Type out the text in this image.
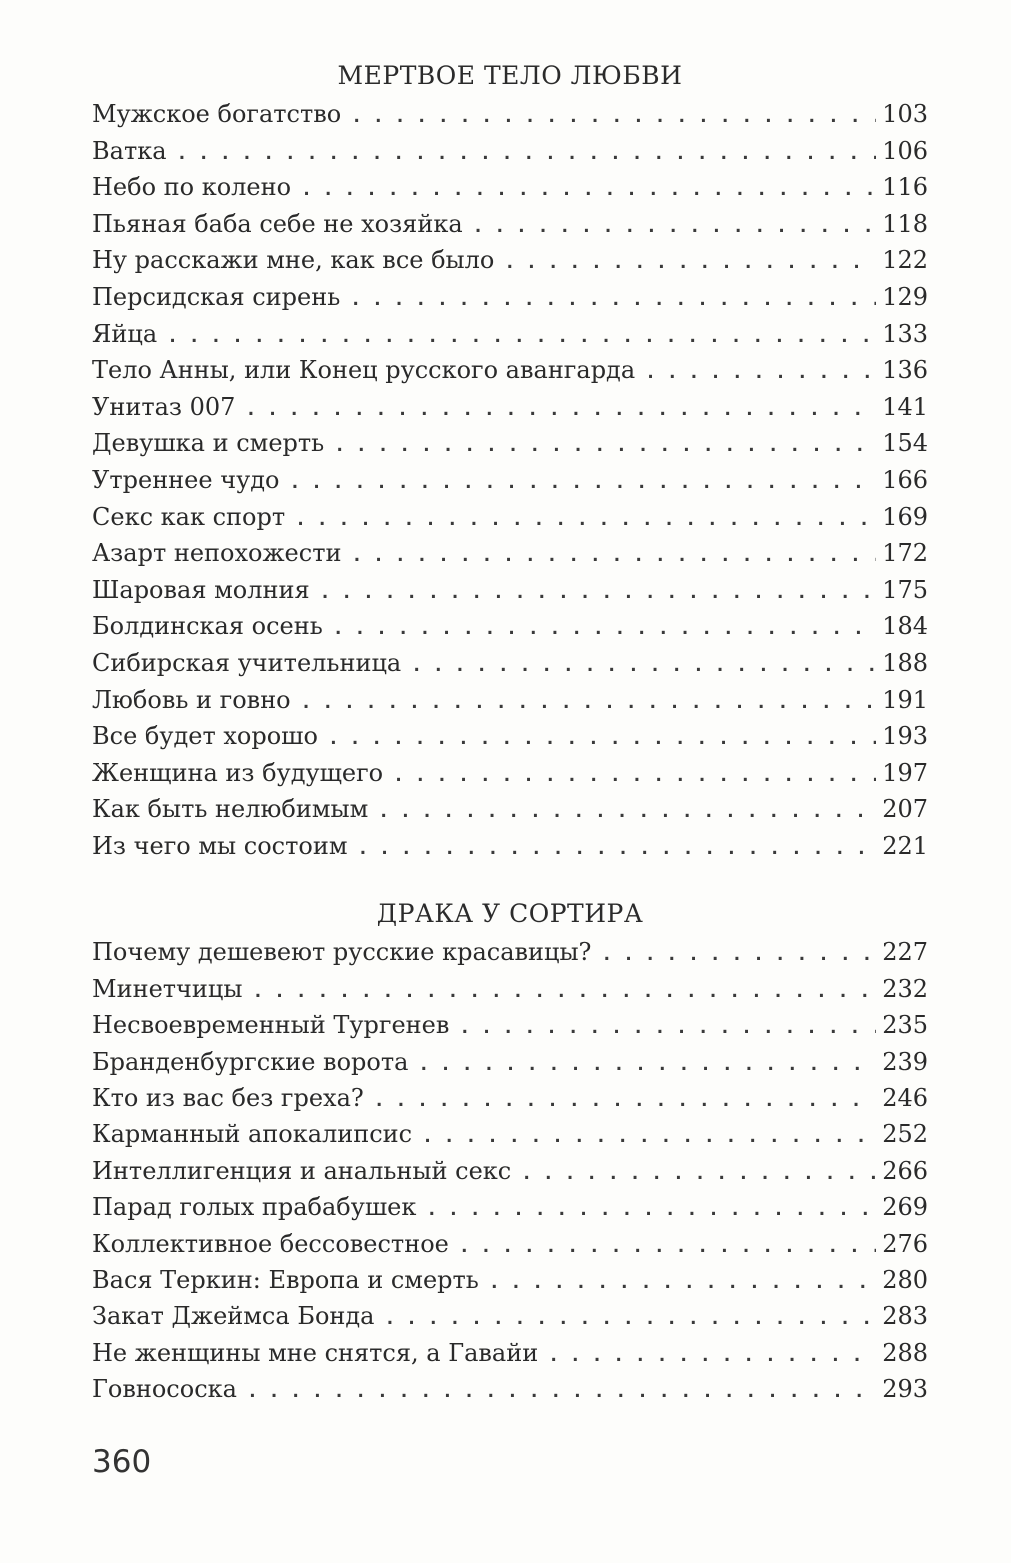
МЕРТВОЕ ТЕЛО ЛЮБВИ
Мужское богатство . . .	103
Ватка . . .	106
Небо по колено . . .	116
Пьяная баба себе не хозяйка . . .	118
Ну расскажи мне, как все было . . .	122
Персидская сирень . . .	129
Яйца . . .	133
Тело Анны, или Конец русского авангарда . . .	136
Унитаз 007 . . .	141
Девушка и смерть . . .	154
Утреннее чудо . . .	166
Секс как спорт . . .	169
Азарт непохожести . . .	172
Шаровая молния . . .	175
Болдинская осень . . .	184
Сибирская учительница . . .	188
Любовь и говно . . .	191
Все будет хорошо . . .	193
Женщина из будущего . . .	197
Как быть нелюбимым . . .	207
Из чего мы состоим . . .	221
ДРАКА У СОРТИРА
Почему дешевеют русские красавицы? . . .	227
Минетчицы . . .	232
Несвоевременный Тургенев . . .	235
Бранденбургские ворота . . .	239
Кто из вас без греха? . . .	246
Карманный апокалипсис . . .	252
Интеллигенция и анальный секс . . .	266
Парад голых прабабушек . . .	269
Коллективное бессовестное . . .	276
Вася Теркин: Европа и смерть . . .	280
Закат Джеймса Бонда . . .	283
Не женщины мне снятся, а Гавайи . . .	288
Говнососка . . .	293
360
